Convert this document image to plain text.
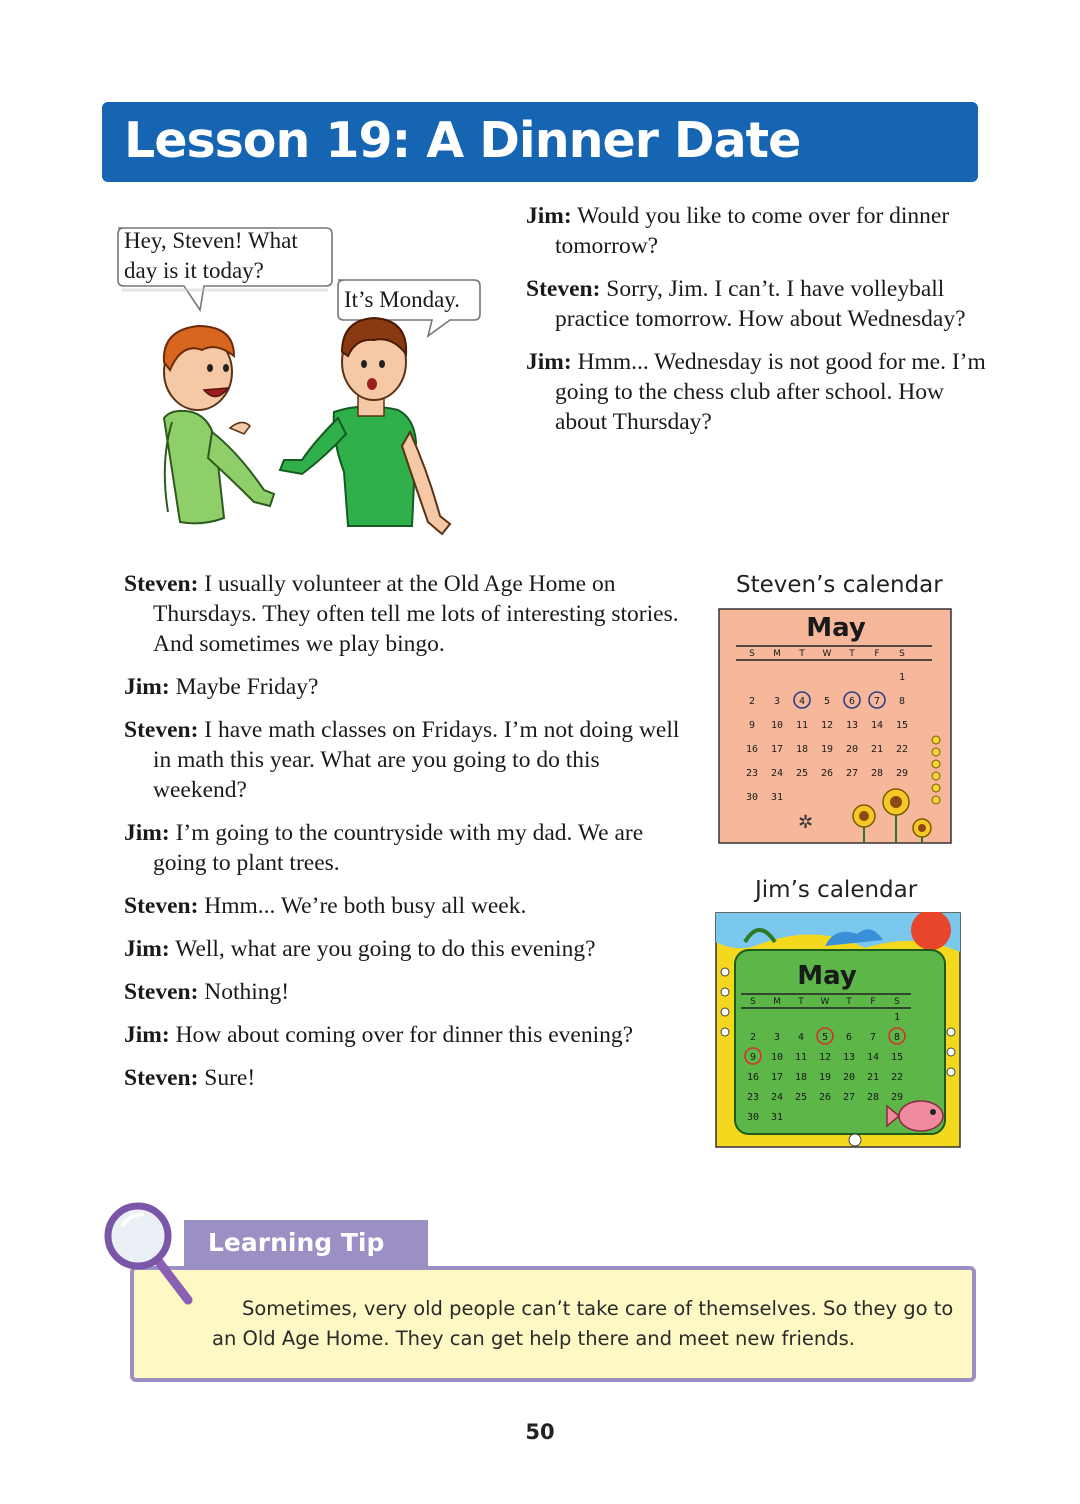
Lesson 19: A Dinner Date
Hey, Steven! What
day is it today?
It’s Monday.

Jim: Would you like to come over for dinner tomorrow?

Steven: Sorry, Jim. I can’t. I have volleyball practice tomorrow. How about Wednesday?

Jim: Hmm... Wednesday is not good for me. I’m going to the chess club after school. How about Thursday?

Steven: I usually volunteer at the Old Age Home on Thursdays. They often tell me lots of interesting stories. And sometimes we play bingo.

Jim: Maybe Friday?

Steven: I have math classes on Fridays. I’m not doing well in math this year. What are you going to do this weekend?

Jim: I’m going to the countryside with my dad. We are going to plant trees.

Steven: Hmm... We’re both busy all week.

Jim: Well, what are you going to do this evening?

Steven: Nothing!

Jim: How about coming over for dinner this evening?

Steven: Sure!

Steven’s calendar
May
S M T W T F S
1
2 3 4 5 6 7 8
9 10 11 12 13 14 15
16 17 18 19 20 21 22
23 24 25 26 27 28 29
30 31
✲
Jim’s calendar
May
S M T W T F S
1
2 3 4 5 6 7 8
9 10 11 12 13 14 15
16 17 18 19 20 21 22
23 24 25 26 27 28 29
30 31

Sometimes, very old people can’t take care of themselves. So they go to an Old Age Home. They can get help there and meet new friends.

Learning Tip
50
